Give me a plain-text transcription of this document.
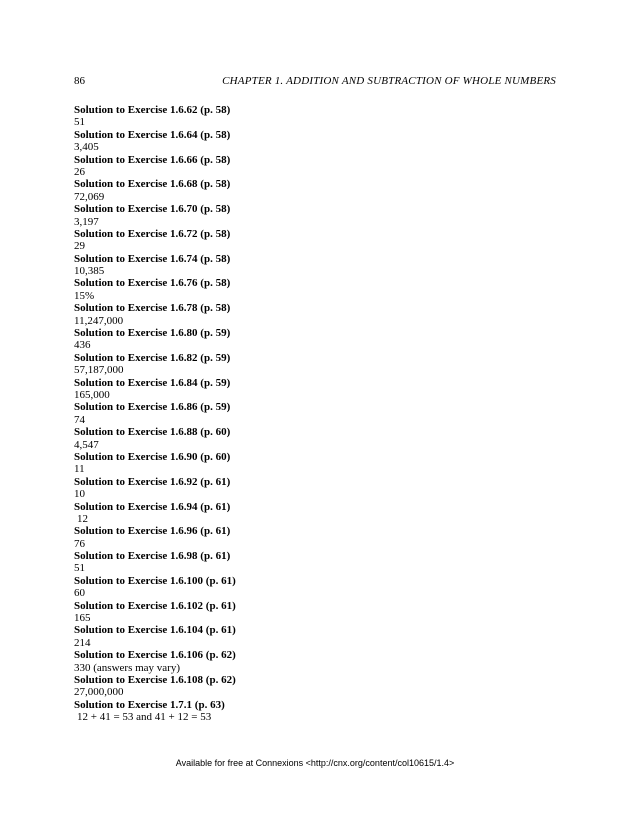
86	CHAPTER 1. ADDITION AND SUBTRACTION OF WHOLE NUMBERS
Solution to Exercise 1.6.62 (p. 58)
51
Solution to Exercise 1.6.64 (p. 58)
3,405
Solution to Exercise 1.6.66 (p. 58)
26
Solution to Exercise 1.6.68 (p. 58)
72,069
Solution to Exercise 1.6.70 (p. 58)
3,197
Solution to Exercise 1.6.72 (p. 58)
29
Solution to Exercise 1.6.74 (p. 58)
10,385
Solution to Exercise 1.6.76 (p. 58)
15%
Solution to Exercise 1.6.78 (p. 58)
11,247,000
Solution to Exercise 1.6.80 (p. 59)
436
Solution to Exercise 1.6.82 (p. 59)
57,187,000
Solution to Exercise 1.6.84 (p. 59)
165,000
Solution to Exercise 1.6.86 (p. 59)
74
Solution to Exercise 1.6.88 (p. 60)
4,547
Solution to Exercise 1.6.90 (p. 60)
11
Solution to Exercise 1.6.92 (p. 61)
10
Solution to Exercise 1.6.94 (p. 61)
12
Solution to Exercise 1.6.96 (p. 61)
76
Solution to Exercise 1.6.98 (p. 61)
51
Solution to Exercise 1.6.100 (p. 61)
60
Solution to Exercise 1.6.102 (p. 61)
165
Solution to Exercise 1.6.104 (p. 61)
214
Solution to Exercise 1.6.106 (p. 62)
330 (answers may vary)
Solution to Exercise 1.6.108 (p. 62)
27,000,000
Solution to Exercise 1.7.1 (p. 63)
12 + 41 = 53 and 41 + 12 = 53
Available for free at Connexions <http://cnx.org/content/col10615/1.4>
